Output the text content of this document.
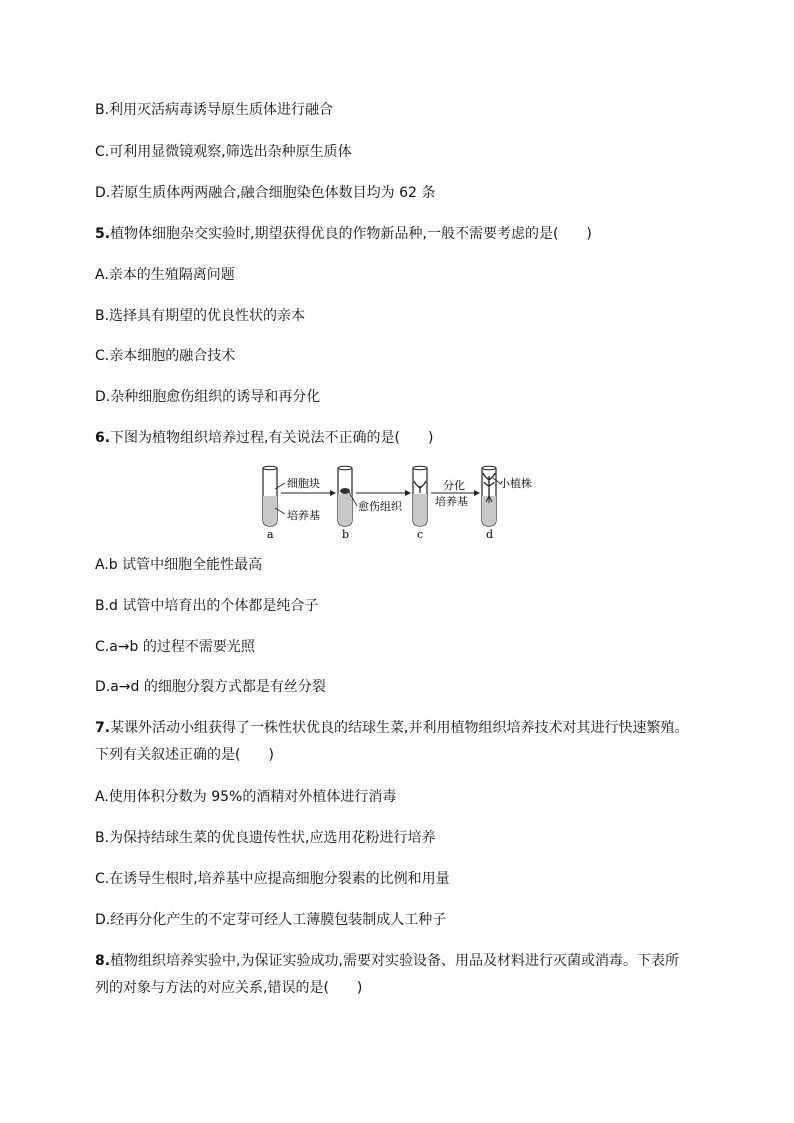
B.利用灭活病毒诱导原生质体进行融合
C.可利用显微镜观察,筛选出杂种原生质体
D.若原生质体两两融合,融合细胞染色体数目均为 62 条
5.植物体细胞杂交实验时,期望获得优良的作物新品种,一般不需要考虑的是(　　)
A.亲本的生殖隔离问题
B.选择具有期望的优良性状的亲本
C.亲本细胞的融合技术
D.杂种细胞愈伤组织的诱导和再分化
6.下图为植物组织培养过程,有关说法不正确的是(　　)
细胞块
培养基
愈伤组织
分化
培养基
小植株
a	b	c	d
A.b 试管中细胞全能性最高
B.d 试管中培育出的个体都是纯合子
C.a→b 的过程不需要光照
D.a→d 的细胞分裂方式都是有丝分裂
7.某课外活动小组获得了一株性状优良的结球生菜,并利用植物组织培养技术对其进行快速繁殖。
下列有关叙述正确的是(　　)
A.使用体积分数为 95%的酒精对外植体进行消毒
B.为保持结球生菜的优良遗传性状,应选用花粉进行培养
C.在诱导生根时,培养基中应提高细胞分裂素的比例和用量
D.经再分化产生的不定芽可经人工薄膜包装制成人工种子
8.植物组织培养实验中,为保证实验成功,需要对实验设备、用品及材料进行灭菌或消毒。下表所
列的对象与方法的对应关系,错误的是(　　)
